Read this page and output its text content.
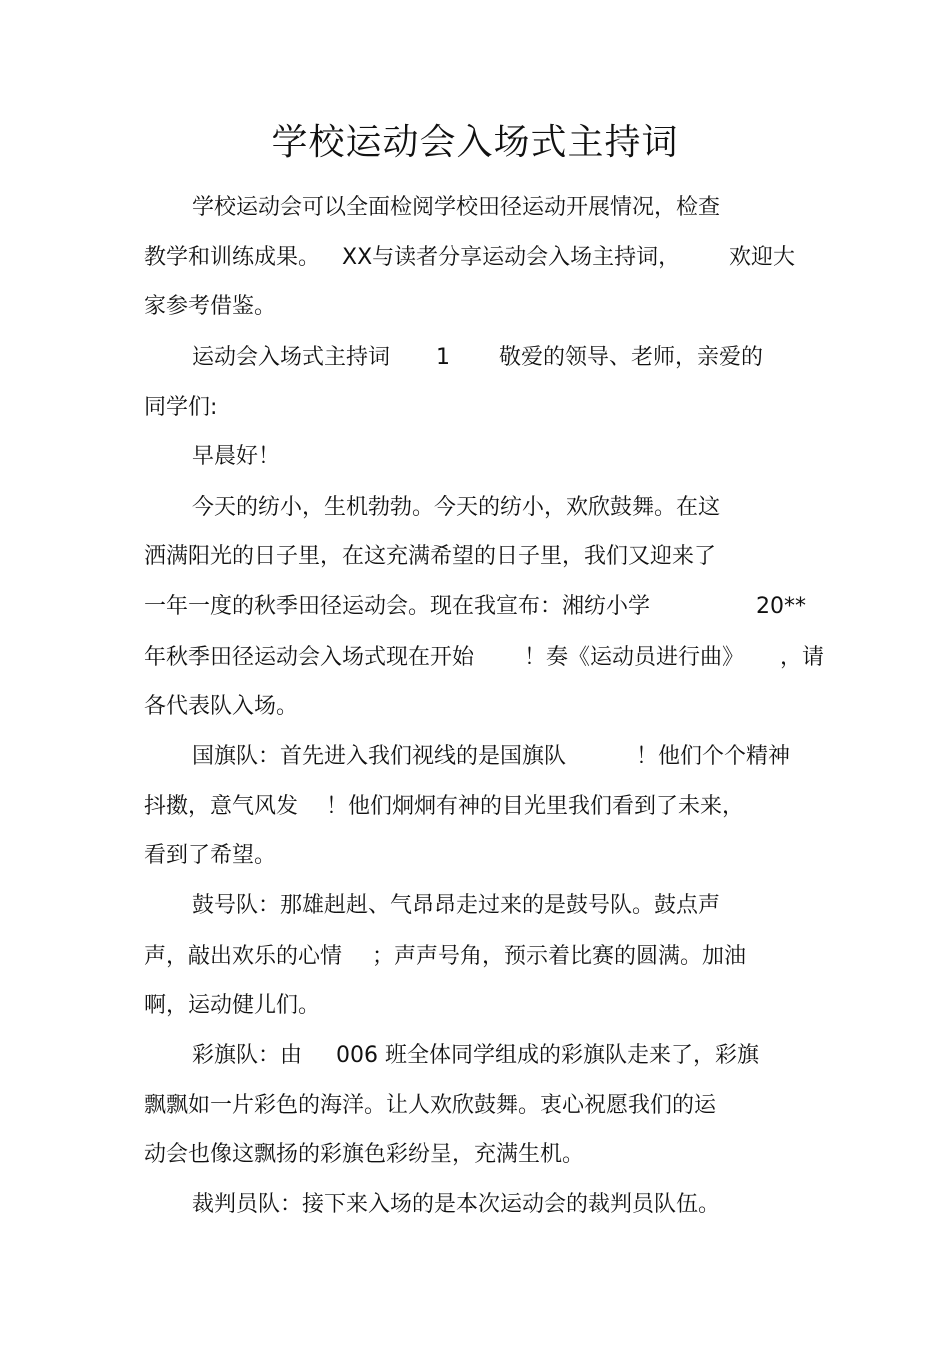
学校运动会入场式主持词
学校运动会可以全面检阅学校田径运动开展情况，检查
教学和训练成果。 XX与读者分享运动会入场主持词， 欢迎大
家参考借鉴。
运动会入场式主持词 1 敬爱的领导、老师，亲爱的
同学们:
早晨好！
今天的纺小，生机勃勃。今天的纺小，欢欣鼓舞。在这
洒满阳光的日子里，在这充满希望的日子里，我们又迎来了
一年一度的秋季田径运动会。现在我宣布：湘纺小学	20**
年秋季田径运动会入场式现在开始 ！奏《运动员进行曲》 ，请
各代表队入场。
国旗队：首先进入我们视线的是国旗队	！他们个个精神
抖擞，意气风发 ！他们炯炯有神的目光里我们看到了未来，
看到了希望。
鼓号队：那雄赳赳、气昂昂走过来的是鼓号队。鼓点声
声，敲出欢乐的心情 ；声声号角，预示着比赛的圆满。加油
啊，运动健儿们。
彩旗队：由 006 班全体同学组成的彩旗队走来了，彩旗
飘飘如一片彩色的海洋。让人欢欣鼓舞。衷心祝愿我们的运
动会也像这飘扬的彩旗色彩纷呈，充满生机。
裁判员队：接下来入场的是本次运动会的裁判员队伍。
